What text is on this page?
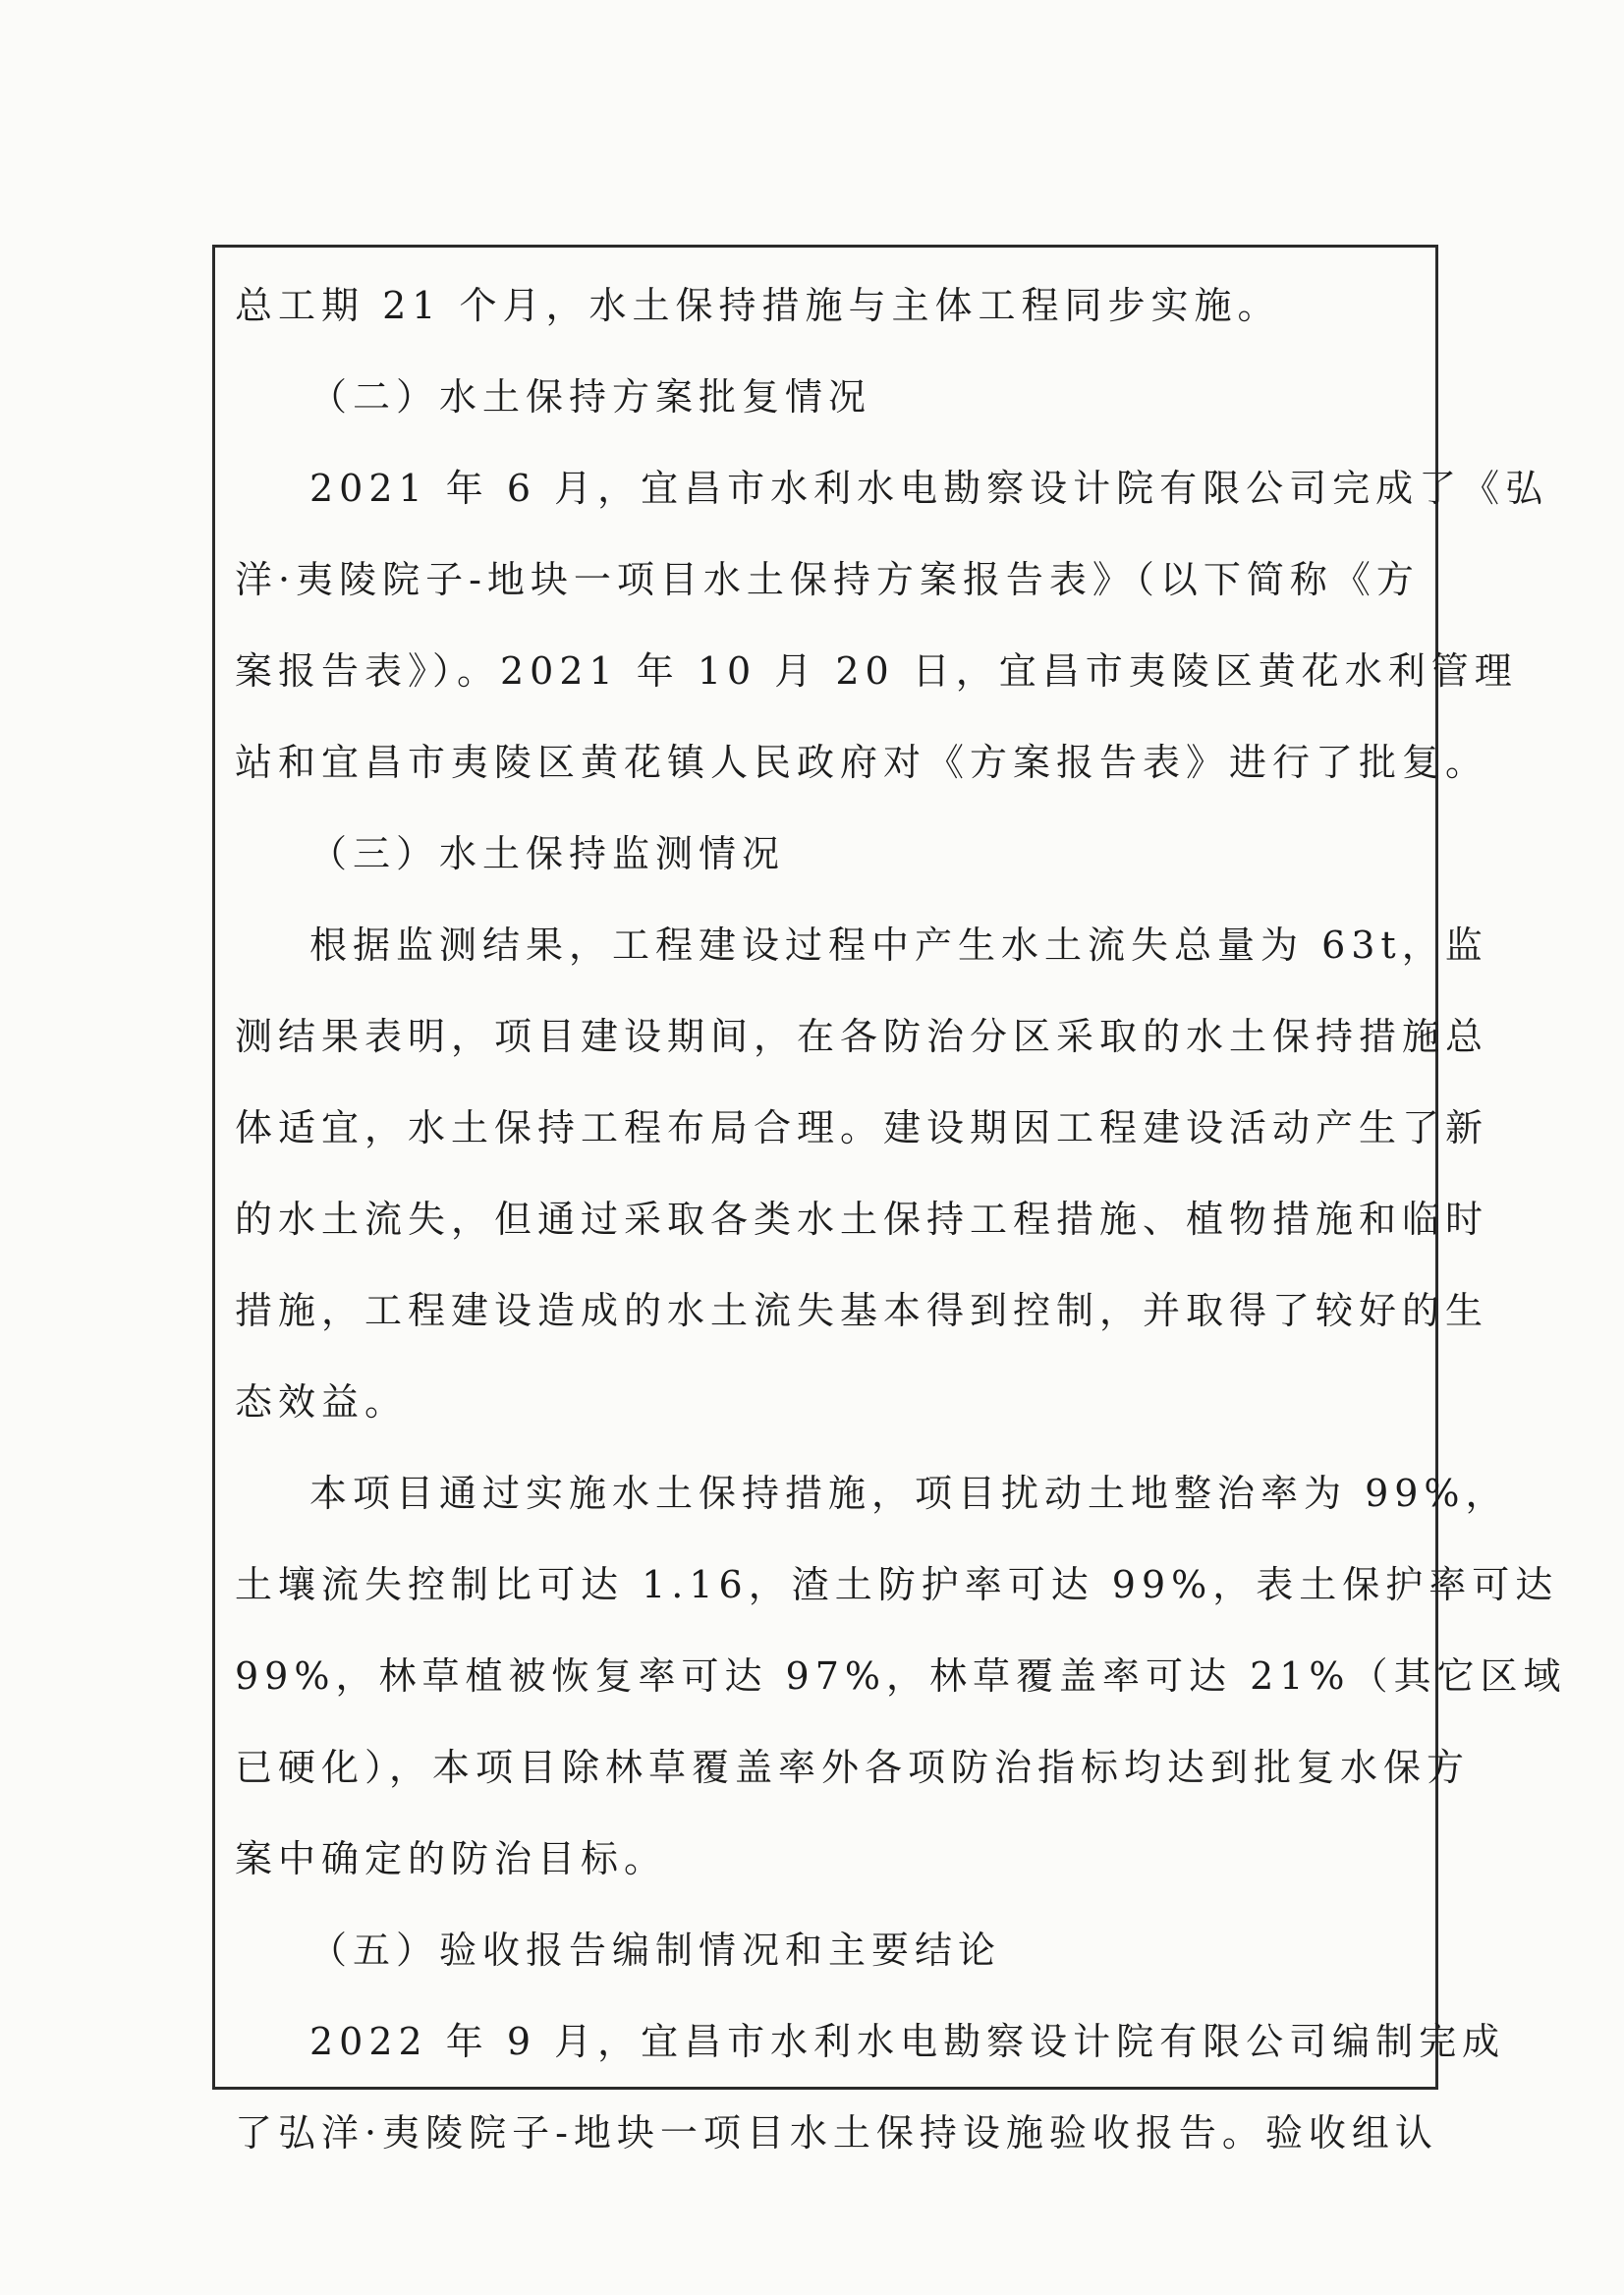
总工期 21 个月，水土保持措施与主体工程同步实施。
（二）水土保持方案批复情况
2021 年 6 月，宜昌市水利水电勘察设计院有限公司完成了《弘
洋·夷陵院子-地块一项目水土保持方案报告表》（以下简称《方
案报告表》）。2021 年 10 月 20 日，宜昌市夷陵区黄花水利管理
站和宜昌市夷陵区黄花镇人民政府对《方案报告表》进行了批复。
（三）水土保持监测情况
根据监测结果，工程建设过程中产生水土流失总量为 63t，监
测结果表明，项目建设期间，在各防治分区采取的水土保持措施总
体适宜，水土保持工程布局合理。建设期因工程建设活动产生了新
的水土流失，但通过采取各类水土保持工程措施、植物措施和临时
措施，工程建设造成的水土流失基本得到控制，并取得了较好的生
态效益。
本项目通过实施水土保持措施，项目扰动土地整治率为 99%，
土壤流失控制比可达 1.16，渣土防护率可达 99%，表土保护率可达
99%，林草植被恢复率可达 97%，林草覆盖率可达 21%（其它区域
已硬化），本项目除林草覆盖率外各项防治指标均达到批复水保方
案中确定的防治目标。
（五）验收报告编制情况和主要结论
2022 年 9 月，宜昌市水利水电勘察设计院有限公司编制完成
了弘洋·夷陵院子-地块一项目水土保持设施验收报告。验收组认
